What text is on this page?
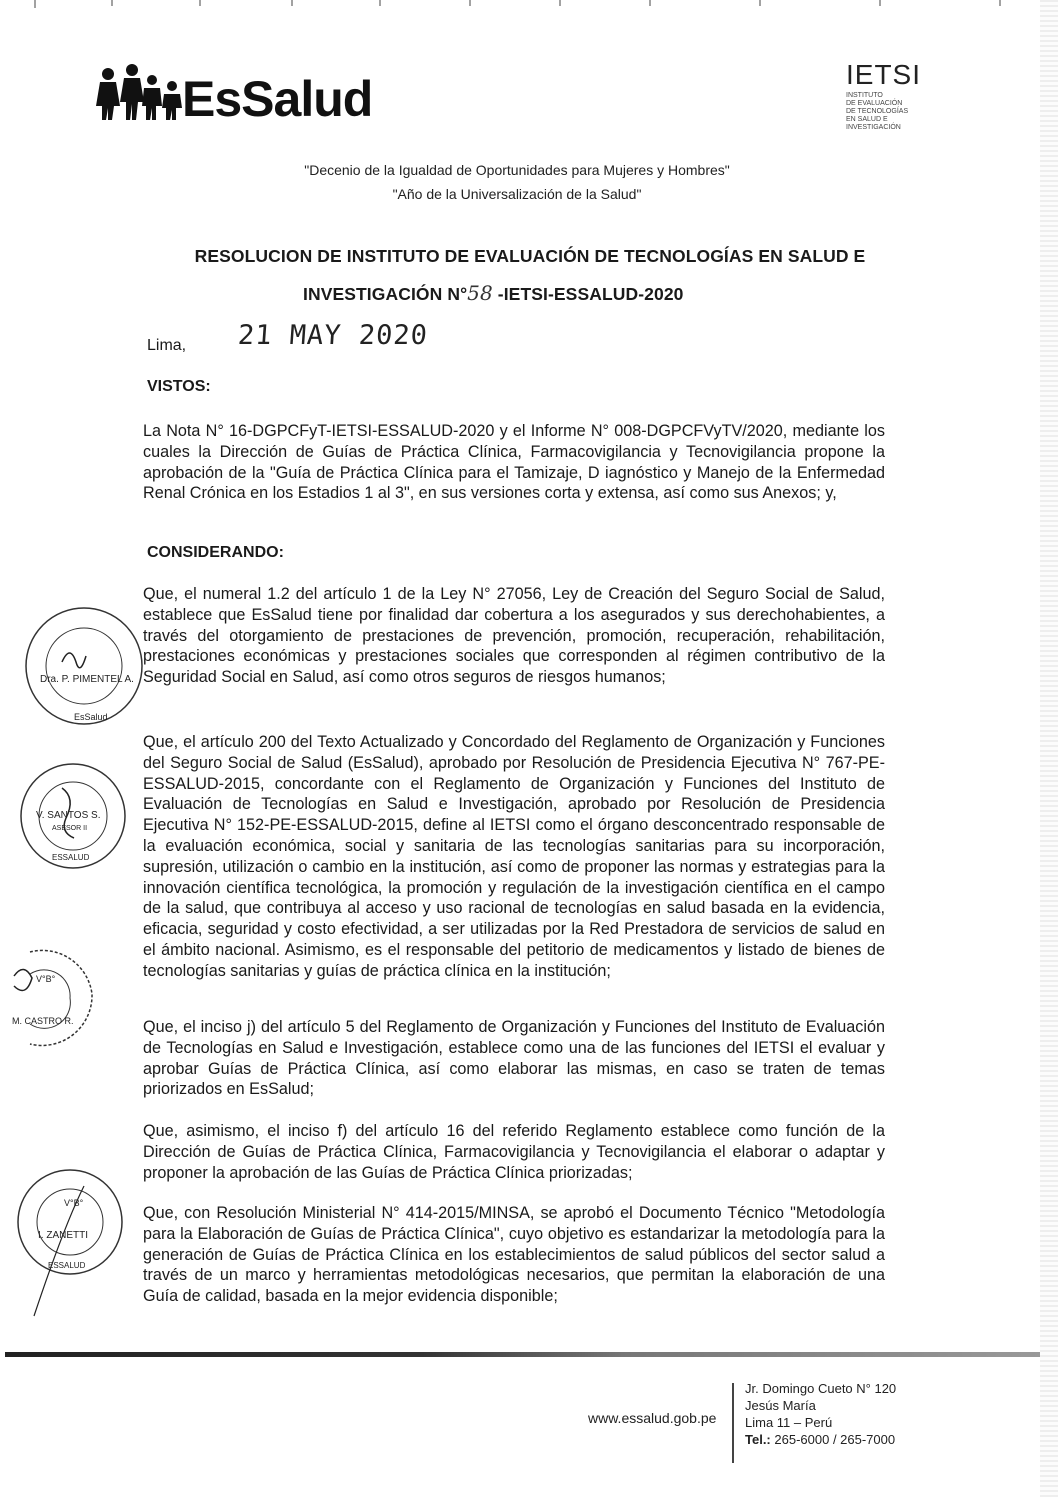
EsSalud	IETSI
INSTITUTO
DE EVALUACIÓN
DE TECNOLOGÍAS
EN SALUD E
INVESTIGACIÓN
"Decenio de la Igualdad de Oportunidades para Mujeres y Hombres"
"Año de la Universalización de la Salud"
RESOLUCION DE INSTITUTO DE EVALUACIÓN DE TECNOLOGÍAS EN SALUD E
INVESTIGACIÓN N°58 -IETSI-ESSALUD-2020
Lima, 21 MAY 2020
VISTOS:
La Nota N° 16-DGPCFyT-IETSI-ESSALUD-2020 y el Informe N° 008-DGPCFVyTV/2020, mediante los cuales la Dirección de Guías de Práctica Clínica, Farmacovigilancia y Tecnovigilancia propone la aprobación de la "Guía de Práctica Clínica para el Tamizaje, D iagnóstico y Manejo de la Enfermedad Renal Crónica en los Estadios 1 al 3", en sus versiones corta y extensa, así como sus Anexos; y,
CONSIDERANDO:
Que, el numeral 1.2 del artículo 1 de la Ley N° 27056, Ley de Creación del Seguro Social de Salud, establece que EsSalud tiene por finalidad dar cobertura a los asegurados y sus derechohabientes, a través del otorgamiento de prestaciones de prevención, promoción, recuperación, rehabilitación, prestaciones económicas y prestaciones sociales que corresponden al régimen contributivo de la Seguridad Social en Salud, así como otros seguros de riesgos humanos;
Que, el artículo 200 del Texto Actualizado y Concordado del Reglamento de Organización y Funciones del Seguro Social de Salud (EsSalud), aprobado por Resolución de Presidencia Ejecutiva N° 767-PE-ESSALUD-2015, concordante con el Reglamento de Organización y Funciones del Instituto de Evaluación de Tecnologías en Salud e Investigación, aprobado por Resolución de Presidencia Ejecutiva N° 152-PE-ESSALUD-2015, define al IETSI como el órgano desconcentrado responsable de la evaluación económica, social y sanitaria de las tecnologías sanitarias para su incorporación, supresión, utilización o cambio en la institución, así como de proponer las normas y estrategias para la innovación científica tecnológica, la promoción y regulación de la investigación científica en el campo de la salud, que contribuya al acceso y uso racional de tecnologías en salud basada en la evidencia, eficacia, seguridad y costo efectividad, a ser utilizadas por la Red Prestadora de servicios de salud en el ámbito nacional. Asimismo, es el responsable del petitorio de medicamentos y listado de bienes de tecnologías sanitarias y guías de práctica clínica en la institución;
Que, el inciso j) del artículo 5 del Reglamento de Organización y Funciones del Instituto de Evaluación de Tecnologías en Salud e Investigación, establece como una de las funciones del IETSI el evaluar y aprobar Guías de Práctica Clínica, así como elaborar las mismas, en caso se traten de temas priorizados en EsSalud;
Que, asimismo, el inciso f) del artículo 16 del referido Reglamento establece como función de la Dirección de Guías de Práctica Clínica, Farmacovigilancia y Tecnovigilancia el elaborar o adaptar y proponer la aprobación de las Guías de Práctica Clínica priorizadas;
Que, con Resolución Ministerial N° 414-2015/MINSA, se aprobó el Documento Técnico "Metodología para la Elaboración de Guías de Práctica Clínica", cuyo objetivo es estandarizar la metodología para la generación de Guías de Práctica Clínica en los establecimientos de salud públicos del sector salud a través de un marco y herramientas metodológicas necesarios, que permitan la elaboración de una Guía de calidad, basada en la mejor evidencia disponible;
Dra. P. PIMENTEL A.
EsSalud
V. SANTOS S.
ASESOR II
ESSALUD
V°B°
M. CASTRO R.
V°B°
I. ZANETTI
ESSALUD
www.essalud.gob.pe
Jr. Domingo Cueto N° 120
Jesús María
Lima 11 – Perú
Tel.: 265-6000 / 265-7000
